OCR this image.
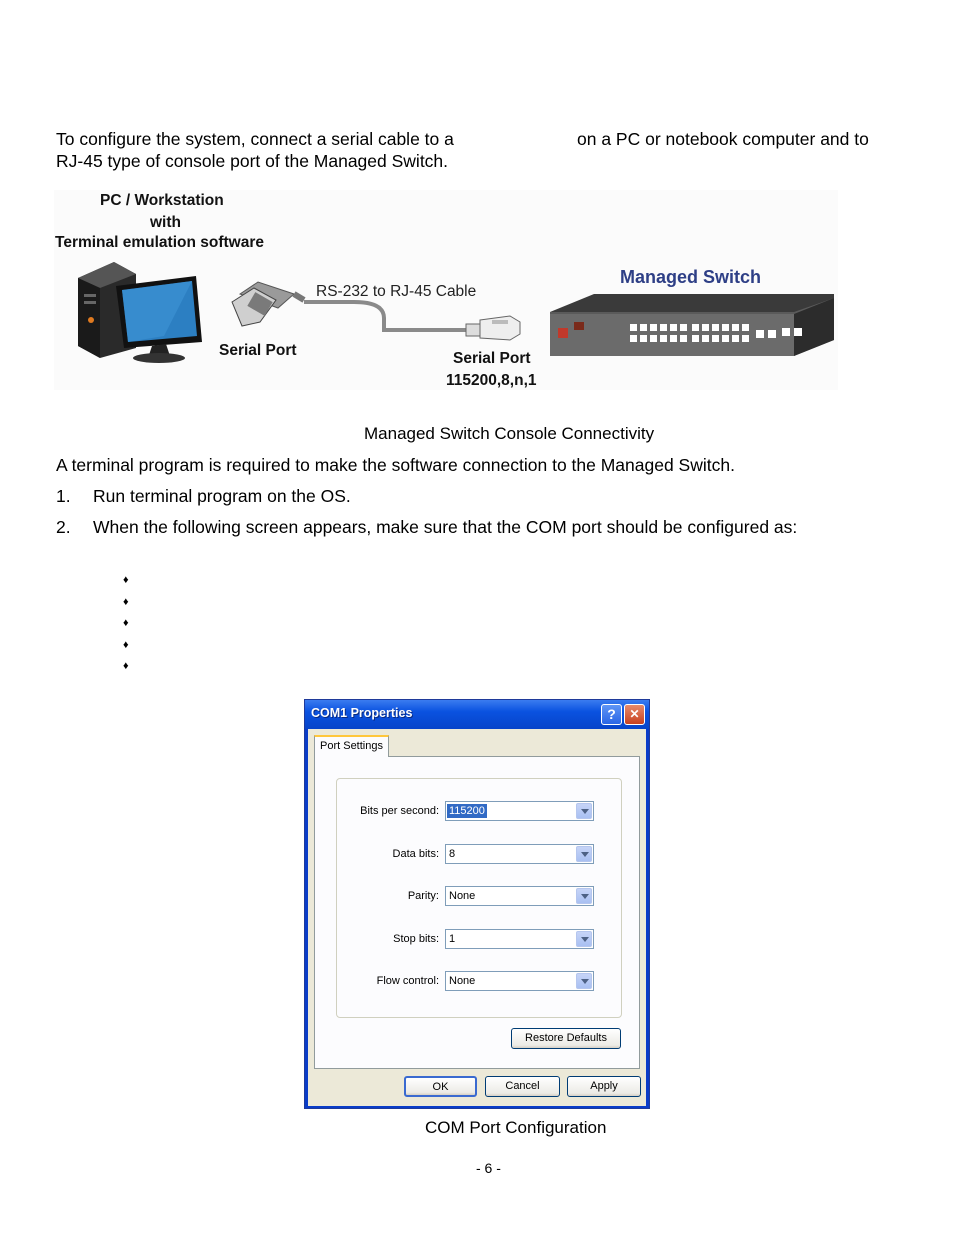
To configure the system, connect a serial cable to a	on a PC or notebook computer and to
RJ-45 type of console port of the Managed Switch.
PC / Workstation
with
Terminal emulation software
Serial Port
RS-232 to RJ-45 Cable
Serial Port
115200,8,n,1
Managed Switch
Managed Switch Console Connectivity
A terminal program is required to make the software connection to the Managed Switch.
1. Run terminal program on the OS.
2. When the following screen appears, make sure that the COM port should be configured as:
♦
♦
♦
♦
♦
COM1 Properties	?	✕
Bits per second: 115200
Data bits: 8
Parity: None
Stop bits: 1
Flow control: None
Restore Defaults
Port Settings
OK	Cancel	Apply
COM Port Configuration
- 6 -
